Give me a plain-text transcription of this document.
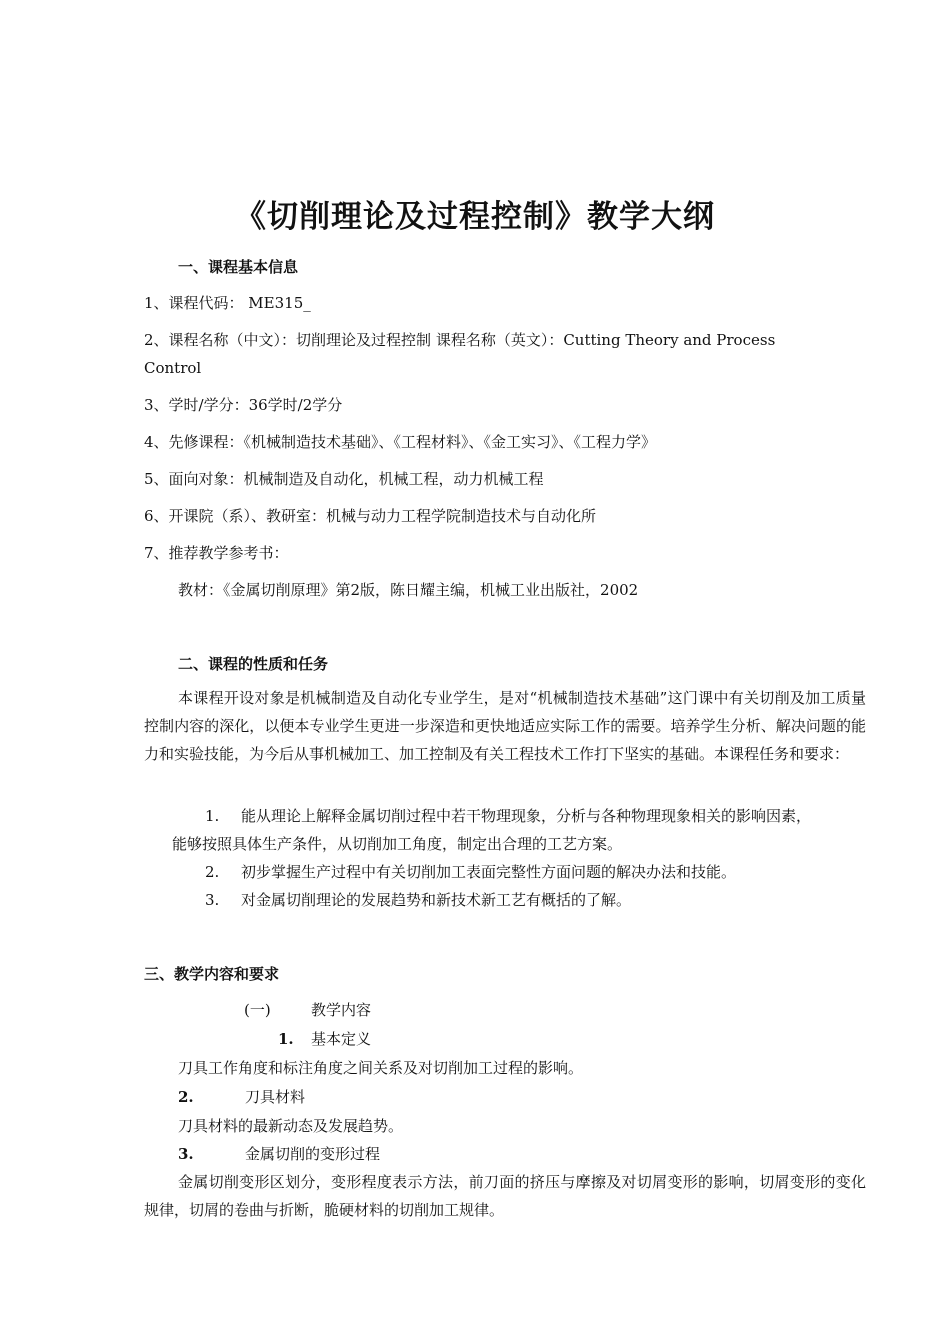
《切削理论及过程控制》教学大纲
一、课程基本信息
1、课程代码： ME315_
2、课程名称（中文）：切削理论及过程控制 课程名称（英文）：Cutting Theory and Process
Control
3、学时/学分：36学时/2学分
4、先修课程：《机械制造技术基础》、《工程材料》、《金工实习》、《工程力学》
5、面向对象：机械制造及自动化，机械工程，动力机械工程
6、开课院（系）、教研室：机械与动力工程学院制造技术与自动化所
7、推荐教学参考书：
教材：《金属切削原理》第2版，陈日耀主编，机械工业出版社，2002
二、课程的性质和任务
本课程开设对象是机械制造及自动化专业学生，是对“机械制造技术基础”这门课中有关切削及加工质量控制内容的深化，以便本专业学生更进一步深造和更快地适应实际工作的需要。培养学生分析、解决问题的能力和实验技能，为今后从事机械加工、加工控制及有关工程技术工作打下坚实的基础。本课程任务和要求：
1. 能从理论上解释金属切削过程中若干物理现象，分析与各种物理现象相关的影响因素，
能够按照具体生产条件，从切削加工角度，制定出合理的工艺方案。
2. 初步掌握生产过程中有关切削加工表面完整性方面问题的解决办法和技能。
3. 对金属切削理论的发展趋势和新技术新工艺有概括的了解。
三、教学内容和要求
(一)	教学内容
1. 基本定义
刀具工作角度和标注角度之间关系及对切削加工过程的影响。
2.	刀具材料
刀具材料的最新动态及发展趋势。
3.	金属切削的变形过程
金属切削变形区划分，变形程度表示方法，前刀面的挤压与摩擦及对切屑变形的影响，切屑变形的变化规律，切屑的卷曲与折断，脆硬材料的切削加工规律。
